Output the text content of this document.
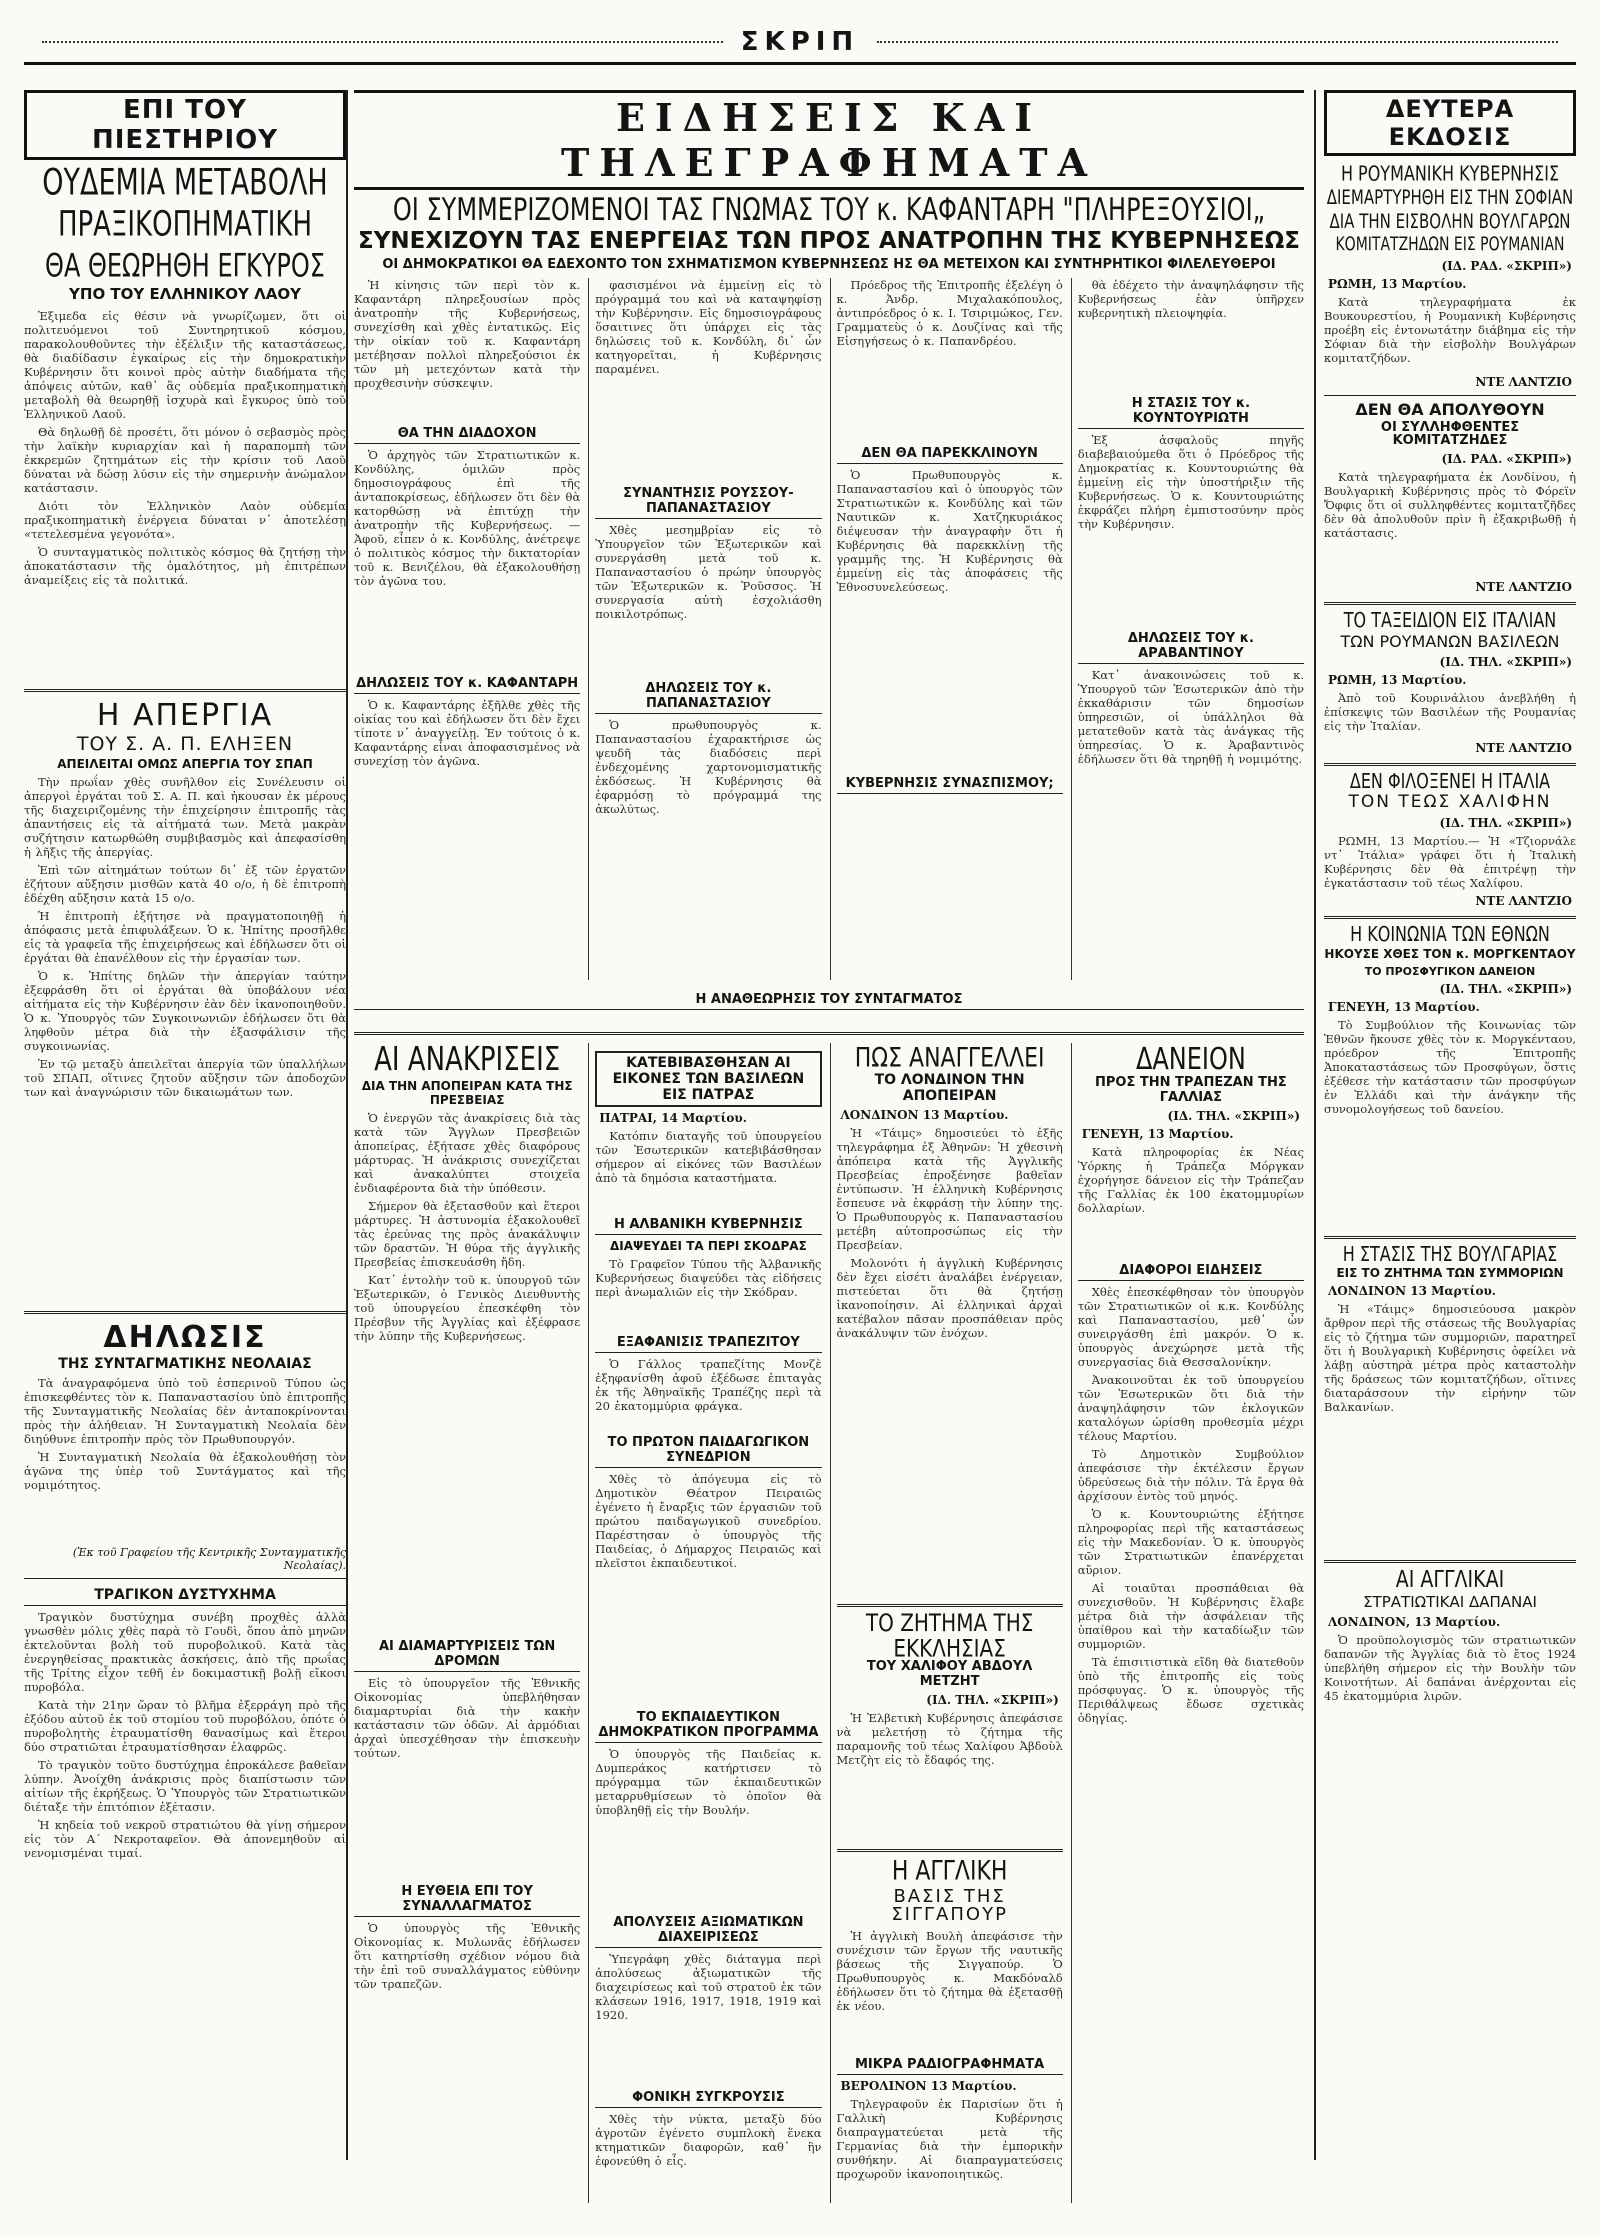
ΣΚΡΙΠ
ΕΠΙ ΤΟΥ ΠΙΕΣΤΗΡΙΟΥ
ΟΥΔΕΜΙΑ ΜΕΤΑΒΟΛΗ
ΠΡΑΞΙΚΟΠΗΜΑΤΙΚΗ
ΘΑ ΘΕΩΡΗΘΗ ΕΓΚΥΡΟΣ
ΥΠΟ ΤΟΥ ΕΛΛΗΝΙΚΟΥ ΛΑΟΥ

Ἐξιμεδα εἰς θέσιν νὰ γνωρίζωμεν, ὅτι οἱ πολιτευόμενοι τοῦ Συντηρητικοῦ κόσμου, παρακολουθοῦντες τὴν ἐξέλιξιν τῆς καταστάσεως, θὰ διαδίδασιν ἐγκαίρως εἰς τὴν δημοκρατικὴν Κυβέρνησιν ὅτι κοινοὶ πρὸς αὐτὴν διαδήματα τῆς ἀπόψεις αὐτῶν, καθ᾽ ἃς οὐδεμία πραξικοπηματικὴ μεταβολὴ θὰ θεωρηθῇ ἰσχυρὰ καὶ ἔγκυρος ὑπὸ τοῦ Ἑλληνικοῦ Λαοῦ.

Θὰ δηλωθῇ δὲ προσέτι, ὅτι μόνον ὁ σεβασμὸς πρὸς τὴν λαϊκὴν κυριαρχίαν καὶ ἡ παραπομπὴ τῶν ἐκκρεμῶν ζητημάτων εἰς τὴν κρίσιν τοῦ Λαοῦ δύναται νὰ δώσῃ λύσιν εἰς τὴν σημερινὴν ἀνώμαλον κατάστασιν.

Διότι τὸν Ἑλληνικὸν Λαὸν οὐδεμία πραξικοπηματικὴ ἐνέργεια δύναται ν᾽ ἀποτελέσῃ «τετελεσμένα γεγονότα».

Ὁ συνταγματικὸς πολιτικὸς κόσμος θὰ ζητήσῃ τὴν ἀποκατάστασιν τῆς ὁμαλότητος, μὴ ἐπιτρέπων ἀναμείξεις εἰς τὰ πολιτικά.

Η ΑΠΕΡΓΙΑ
ΤΟΥ Σ. Α. Π. ΕΛΗΞΕΝ
ΑΠΕΙΛΕΙΤΑΙ ΟΜΩΣ ΑΠΕΡΓΙΑ ΤΟΥ ΣΠΑΠ

Τὴν πρωΐαν χθὲς συνῆλθον εἰς Συνέλευσιν οἱ ἀπεργοὶ ἐργάται τοῦ Σ. Α. Π. καὶ ἠκουσαν ἐκ μέρους τῆς διαχειριζομένης τὴν ἐπιχείρησιν ἐπιτροπῆς τὰς ἀπαντήσεις εἰς τὰ αἰτήματά των. Μετὰ μακρὰν συζήτησιν κατωρθώθη συμβιβασμὸς καὶ ἀπεφασίσθη ἡ λῆξις τῆς ἀπεργίας.

Ἐπὶ τῶν αἰτημάτων τούτων δι᾽ ἐξ τῶν ἐργατῶν ἐζήτουν αὔξησιν μισθῶν κατὰ 40 ο/ο, ἡ δὲ ἐπιτροπὴ ἐδέχθη αὔξησιν κατὰ 15 ο/ο.

Ἡ ἐπιτροπὴ ἐξήτησε νὰ πραγματοποιηθῇ ἡ ἀπόφασις μετὰ ἐπιφυλάξεων. Ὁ κ. Ἠπίτης προσῆλθε εἰς τὰ γραφεῖα τῆς ἐπιχειρήσεως καὶ ἐδήλωσεν ὅτι οἱ ἐργάται θὰ ἐπανέλθουν εἰς τὴν ἐργασίαν των.

Ὁ κ. Ἠπίτης δηλῶν τὴν ἀπεργίαν ταύτην ἐξεφράσθη ὅτι οἱ ἐργάται θὰ ὑποβάλουν νέα αἰτήματα εἰς τὴν Κυβέρνησιν ἐὰν δὲν ἱκανοποιηθοῦν. Ὁ κ. Ὑπουργὸς τῶν Συγκοινωνιῶν ἐδήλωσεν ὅτι θὰ ληφθοῦν μέτρα διὰ τὴν ἐξασφάλισιν τῆς συγκοινωνίας.

Ἐν τῷ μεταξὺ ἀπειλεῖται ἀπεργία τῶν ὑπαλλήλων τοῦ ΣΠΑΠ, οἵτινες ζητοῦν αὔξησιν τῶν ἀποδοχῶν των καὶ ἀναγνώρισιν τῶν δικαιωμάτων των.

ΔΗΛΩΣΙΣ
ΤΗΣ ΣΥΝΤΑΓΜΑΤΙΚΗΣ ΝΕΟΛΑΙΑΣ

Τὰ ἀναγραφόμενα ὑπὸ τοῦ ἐσπερινοῦ Τύπου ὡς ἐπισκεφθέντες τὸν κ. Παπαναστασίου ὑπὸ ἐπιτροπῆς τῆς Συνταγματικῆς Νεολαίας δὲν ἀνταποκρίνονται πρὸς τὴν ἀλήθειαν. Ἡ Συνταγματικὴ Νεολαία δὲν διηύθυνε ἐπιτροπὴν πρὸς τὸν Πρωθυπουργόν.

Ἡ Συνταγματικὴ Νεολαία θὰ ἐξακολουθήσῃ τὸν ἀγῶνα της ὑπὲρ τοῦ Συντάγματος καὶ τῆς νομιμότητος.

(Ἐκ τοῦ Γραφείου τῆς Κεντρικῆς Συνταγματικῆς Νεολαίας).
ΤΡΑΓΙΚΟΝ ΔΥΣΤΥΧΗΜΑ

Τραγικὸν δυστύχημα συνέβη προχθὲς ἀλλὰ γνωσθὲν μόλις χθὲς παρὰ τὸ Γουδὶ, ὅπου ἀπὸ μηνῶν ἐκτελοῦνται βολὴ τοῦ πυροβολικοῦ. Κατὰ τὰς ἐνεργηθείσας πρακτικὰς ἀσκήσεις, ἀπὸ τῆς πρωΐας τῆς Τρίτης εἶχον τεθῆ ἐν δοκιμαστικῇ βολῇ εἴκοσι πυροβόλα.

Κατὰ τὴν 21ην ὥραν τὸ βλῆμα ἐξερράγη πρὸ τῆς ἐξόδου αὐτοῦ ἐκ τοῦ στομίου τοῦ πυροβόλου, ὁπότε ὁ πυροβολητὴς ἐτραυματίσθη θανασίμως καὶ ἕτεροι δύο στρατιῶται ἐτραυματίσθησαν ἐλαφρῶς.

Τὸ τραγικὸν τοῦτο δυστύχημα ἐπροκάλεσε βαθεῖαν λύπην. Ἀνοίχθη ἀνάκρισις πρὸς διαπίστωσιν τῶν αἰτίων τῆς ἐκρήξεως. Ὁ Ὑπουργὸς τῶν Στρατιωτικῶν διέταξε τὴν ἐπιτόπιον ἐξέτασιν.

Ἡ κηδεία τοῦ νεκροῦ στρατιώτου θὰ γίνῃ σήμερον εἰς τὸν Α΄ Νεκροταφεῖον. Θὰ ἀπονεμηθοῦν αἱ νενομισμέναι τιμαί.

ΕΙΔΗΣΕΙΣ ΚΑΙ ΤΗΛΕΓΡΑΦΗΜΑΤΑ
ΟΙ ΣΥΜΜΕΡΙΖΟΜΕΝΟΙ ΤΑΣ ΓΝΩΜΑΣ ΤΟΥ κ. ΚΑΦΑΝΤΑΡΗ "ΠΛΗΡΕΞΟΥΣΙΟΙ„
ΣΥΝΕΧΙΖΟΥΝ ΤΑΣ ΕΝΕΡΓΕΙΑΣ ΤΩΝ ΠΡΟΣ ΑΝΑΤΡΟΠΗΝ ΤΗΣ ΚΥΒΕΡΝΗΣΕΩΣ
ΟΙ ΔΗΜΟΚΡΑΤΙΚΟΙ ΘΑ ΕΔΕΧΟΝΤΟ ΤΟΝ ΣΧΗΜΑΤΙΣΜΟΝ ΚΥΒΕΡΝΗΣΕΩΣ ΗΣ ΘΑ ΜΕΤΕΙΧΟΝ ΚΑΙ ΣΥΝΤΗΡΗΤΙΚΟΙ ΦΙΛΕΛΕΥΘΕΡΟΙ

Ἡ κίνησις τῶν περὶ τὸν κ. Καφαντάρη πληρεξουσίων πρὸς ἀνατροπὴν τῆς Κυβερνήσεως, συνεχίσθη καὶ χθὲς ἐντατικῶς. Εἰς τὴν οἰκίαν τοῦ κ. Καφαντάρη μετέβησαν πολλοὶ πληρεξούσιοι ἐκ τῶν μὴ μετεχόντων κατὰ τὴν προχθεσινὴν σύσκεψιν.

ΘΑ ΤΗΝ ΔΙΑΔΟΧΟΝ

Ὁ ἀρχηγὸς τῶν Στρατιωτικῶν κ. Κονδύλης, ὁμιλῶν πρὸς δημοσιογράφους ἐπὶ τῆς ἀνταποκρίσεως, ἐδήλωσεν ὅτι δὲν θὰ κατορθώσῃ νὰ ἐπιτύχῃ τὴν ἀνατροπὴν τῆς Κυβερνήσεως. — Ἀφοῦ, εἶπεν ὁ κ. Κονδύλης, ἀνέτρεψε ὁ πολιτικὸς κόσμος τὴν δικτατορίαν τοῦ κ. Βενιζέλου, θὰ ἐξακολουθήσῃ τὸν ἀγῶνα του.

ΔΗΛΩΣΕΙΣ ΤΟΥ κ. ΚΑΦΑΝΤΑΡΗ

Ὁ κ. Καφαντάρης ἐξῆλθε χθὲς τῆς οἰκίας του καὶ ἐδήλωσεν ὅτι δὲν ἔχει τίποτε ν᾽ ἀναγγείλῃ. Ἐν τούτοις ὁ κ. Καφαντάρης εἶναι ἀποφασισμένος νὰ συνεχίσῃ τὸν ἀγῶνα.

φασισμένοι νὰ ἐμμείνῃ εἰς τὸ πρόγραμμά του καὶ νὰ καταψηφίσῃ τὴν Κυβέρνησιν. Εἰς δημοσιογράφους ὅσαιτινες ὅτι ὑπάρχει εἰς τὰς δηλώσεις τοῦ κ. Κονδύλη, δι᾽ ὧν κατηγορεῖται, ἡ Κυβέρνησις παραμένει.

ΣΥΝΑΝΤΗΣΙΣ ΡΟΥΣΣΟΥ-ΠΑΠΑΝΑΣΤΑΣΙΟΥ

Χθὲς μεσημβρίαν εἰς τὸ Ὑπουργεῖον τῶν Ἐξωτερικῶν καὶ συνεργάσθη μετὰ τοῦ κ. Παπαναστασίου ὁ πρώην ὑπουργὸς τῶν Ἐξωτερικῶν κ. Ῥοῦσσος. Ἡ συνεργασία αὐτὴ ἐσχολιάσθη ποικιλοτρόπως.

ΔΗΛΩΣΕΙΣ ΤΟΥ κ. ΠΑΠΑΝΑΣΤΑΣΙΟΥ

Ὁ πρωθυπουργὸς κ. Παπαναστασίου ἐχαρακτήρισε ὡς ψευδῆ τὰς διαδόσεις περὶ ἐνδεχομένης χαρτονομισματικῆς ἐκδόσεως. Ἡ Κυβέρνησις θὰ ἐφαρμόσῃ τὸ πρόγραμμά της ἀκωλύτως.

Πρόεδρος τῆς Ἐπιτροπῆς ἐξελέγη ὁ κ. Ἀνδρ. Μιχαλακόπουλος, ἀντιπρόεδρος ὁ κ. Ι. Τσιριμώκος, Γεν. Γραμματεὺς ὁ κ. Δουζίνας καὶ τῆς Εἰσηγήσεως ὁ κ. Παπανδρέου.

ΔΕΝ ΘΑ ΠΑΡΕΚΚΛΙΝΟΥΝ

Ὁ Πρωθυπουργὸς κ. Παπαναστασίου καὶ ὁ ὑπουργὸς τῶν Στρατιωτικῶν κ. Κονδύλης καὶ τῶν Ναυτικῶν κ. Χατζηκυριάκος διέψευσαν τὴν ἀναγραφὴν ὅτι ἡ Κυβέρνησις θὰ παρεκκλίνῃ τῆς γραμμῆς της. Ἡ Κυβέρνησις θὰ ἐμμείνῃ εἰς τὰς ἀποφάσεις τῆς Ἐθνοσυνελεύσεως.

ΚΥΒΕΡΝΗΣΙΣ ΣΥΝΑΣΠΙΣΜΟΥ;

θὰ ἐδέχετο τὴν ἀναψηλάφησιν τῆς Κυβερνήσεως ἐὰν ὑπῆρχεν κυβερνητικὴ πλειοψηφία.

Η ΣΤΑΣΙΣ ΤΟΥ κ. ΚΟΥΝΤΟΥΡΙΩΤΗ

Ἐξ ἀσφαλοῦς πηγῆς διαβεβαιούμεθα ὅτι ὁ Πρόεδρος τῆς Δημοκρατίας κ. Κουντουριώτης θὰ ἐμμείνῃ εἰς τὴν ὑποστήριξιν τῆς Κυβερνήσεως. Ὁ κ. Κουντουριώτης ἐκφράζει πλήρη ἐμπιστοσύνην πρὸς τὴν Κυβέρνησιν.

ΔΗΛΩΣΕΙΣ ΤΟΥ κ. ΑΡΑΒΑΝΤΙΝΟΥ

Κατ᾽ ἀνακοινώσεις τοῦ κ. Ὑπουργοῦ τῶν Ἐσωτερικῶν ἀπὸ τὴν ἐκκαθάρισιν τῶν δημοσίων ὑπηρεσιῶν, οἱ ὑπάλληλοι θὰ μετατεθοῦν κατὰ τὰς ἀνάγκας τῆς ὑπηρεσίας. Ὁ κ. Ἀραβαντινὸς ἐδήλωσεν ὅτι θὰ τηρηθῇ ἡ νομιμότης.

Η ΑΝΑΘΕΩΡΗΣΙΣ ΤΟΥ ΣΥΝΤΑΓΜΑΤΟΣ
ΑΙ ΑΝΑΚΡΙΣΕΙΣ
ΔΙΑ ΤΗΝ ΑΠΟΠΕΙΡΑΝ ΚΑΤΑ ΤΗΣ ΠΡΕΣΒΕΙΑΣ

Ὁ ἐνεργῶν τὰς ἀνακρίσεις διὰ τὰς κατὰ τῶν Ἄγγλων Πρεσβειῶν ἀποπείρας, ἐξήτασε χθὲς διαφόρους μάρτυρας. Ἡ ἀνάκρισις συνεχίζεται καὶ ἀνακαλύπτει στοιχεῖα ἐνδιαφέροντα διὰ τὴν ὑπόθεσιν.

Σήμερον θὰ ἐξετασθοῦν καὶ ἕτεροι μάρτυρες. Ἡ ἀστυνομία ἐξακολουθεῖ τὰς ἐρεύνας της πρὸς ἀνακάλυψιν τῶν δραστῶν. Ἡ θύρα τῆς ἀγγλικῆς Πρεσβείας ἐπισκευάσθη ἤδη.

Κατ᾽ ἐντολὴν τοῦ κ. ὑπουργοῦ τῶν Ἐξωτερικῶν, ὁ Γενικὸς Διευθυντὴς τοῦ ὑπουργείου ἐπεσκέφθη τὸν Πρέσβυν τῆς Ἀγγλίας καὶ ἐξέφρασε τὴν λύπην τῆς Κυβερνήσεως.

ΑΙ ΔΙΑΜΑΡΤΥΡΙΣΕΙΣ ΤΩΝ ΔΡΟΜΩΝ

Εἰς τὸ ὑπουργεῖον τῆς Ἐθνικῆς Οἰκονομίας ὑπεβλήθησαν διαμαρτυρίαι διὰ τὴν κακὴν κατάστασιν τῶν ὁδῶν. Αἱ ἀρμόδιαι ἀρχαὶ ὑπεσχέθησαν τὴν ἐπισκευὴν τούτων.

Η ΕΥΘΕΙΑ ΕΠΙ ΤΟΥ ΣΥΝΑΛΛΑΓΜΑΤΟΣ

Ὁ ὑπουργὸς τῆς Ἐθνικῆς Οἰκονομίας κ. Μυλωνᾶς ἐδήλωσεν ὅτι κατηρτίσθη σχέδιον νόμου διὰ τὴν ἐπὶ τοῦ συναλλάγματος εὐθύνην τῶν τραπεζῶν.

ΚΑΤΕΒΙΒΑΣΘΗΣΑΝ ΑΙ ΕΙΚΟΝΕΣ ΤΩΝ ΒΑΣΙΛΕΩΝ ΕΙΣ ΠΑΤΡΑΣ
ΠΑΤΡΑΙ, 14 Μαρτίου.

Κατόπιν διαταγῆς τοῦ ὑπουργείου τῶν Ἐσωτερικῶν κατεβιβάσθησαν σήμερον αἱ εἰκόνες τῶν Βασιλέων ἀπὸ τὰ δημόσια καταστήματα.

Η ΑΛΒΑΝΙΚΗ ΚΥΒΕΡΝΗΣΙΣ
ΔΙΑΨΕΥΔΕΙ ΤΑ ΠΕΡΙ ΣΚΟΔΡΑΣ

Τὸ Γραφεῖον Τύπου τῆς Ἀλβανικῆς Κυβερνήσεως διαψεύδει τὰς εἰδήσεις περὶ ἀνωμαλιῶν εἰς τὴν Σκόδραν.

ΕΞΑΦΑΝΙΣΙΣ ΤΡΑΠΕΖΙΤΟΥ

Ὁ Γάλλος τραπεζίτης Μονζὲ ἐξηφανίσθη ἀφοῦ ἐξέδωσε ἐπιταγὰς ἐκ τῆς Ἀθηναϊκῆς Τραπέζης περὶ τὰ 20 ἑκατομμύρια φράγκα.

ΤΟ ΠΡΩΤΟΝ ΠΑΙΔΑΓΩΓΙΚΟΝ ΣΥΝΕΔΡΙΟΝ

Χθὲς τὸ ἀπόγευμα εἰς τὸ Δημοτικὸν Θέατρον Πειραιῶς ἐγένετο ἡ ἔναρξις τῶν ἐργασιῶν τοῦ πρώτου παιδαγωγικοῦ συνεδρίου. Παρέστησαν ὁ ὑπουργὸς τῆς Παιδείας, ὁ Δήμαρχος Πειραιῶς καὶ πλεῖστοι ἐκπαιδευτικοί.

ΤΟ ΕΚΠΑΙΔΕΥΤΙΚΟΝ ΔΗΜΟΚΡΑΤΙΚΟΝ ΠΡΟΓΡΑΜΜΑ

Ὁ ὑπουργὸς τῆς Παιδείας κ. Δυμπεράκος κατήρτισεν τὸ πρόγραμμα τῶν ἐκπαιδευτικῶν μεταρρυθμίσεων τὸ ὁποῖον θὰ ὑποβληθῇ εἰς τὴν Βουλήν.

ΑΠΟΛΥΣΕΙΣ ΑΞΙΩΜΑΤΙΚΩΝ ΔΙΑΧΕΙΡΙΣΕΩΣ

Ὑπεγράφη χθὲς διάταγμα περὶ ἀπολύσεως ἀξιωματικῶν τῆς διαχειρίσεως καὶ τοῦ στρατοῦ ἐκ τῶν κλάσεων 1916, 1917, 1918, 1919 καὶ 1920.

ΦΟΝΙΚΗ ΣΥΓΚΡΟΥΣΙΣ

Χθὲς τὴν νύκτα, μεταξὺ δύο ἀγροτῶν ἐγένετο συμπλοκὴ ἕνεκα κτηματικῶν διαφορῶν, καθ᾽ ἣν ἐφονεύθη ὁ εἷς.

ΠΩΣ ΑΝΑΓΓΕΛΛΕΙ
ΤΟ ΛΟΝΔΙΝΟΝ ΤΗΝ ΑΠΟΠΕΙΡΑΝ
ΛΟΝΔΙΝΟΝ 13 Μαρτίου.

Ἡ «Τάιμς» δημοσιεύει τὸ ἑξῆς τηλεγράφημα ἐξ Ἀθηνῶν: Ἡ χθεσινὴ ἀπόπειρα κατὰ τῆς Ἀγγλικῆς Πρεσβείας ἐπροξένησε βαθεῖαν ἐντύπωσιν. Ἡ ἑλληνικὴ Κυβέρνησις ἔσπευσε νὰ ἐκφράσῃ τὴν λύπην της. Ὁ Πρωθυπουργὸς κ. Παπαναστασίου μετέβη αὐτοπροσώπως εἰς τὴν Πρεσβείαν.

Μολονότι ἡ ἀγγλικὴ Κυβέρνησις δὲν ἔχει εἰσέτι ἀναλάβει ἐνέργειαν, πιστεύεται ὅτι θὰ ζητήσῃ ἱκανοποίησιν. Αἱ ἑλληνικαὶ ἀρχαὶ κατέβαλον πᾶσαν προσπάθειαν πρὸς ἀνακάλυψιν τῶν ἐνόχων.

ΤΟ ΖΗΤΗΜΑ ΤΗΣ ΕΚΚΛΗΣΙΑΣ
ΤΟΥ ΧΑΛΙΦΟΥ ΑΒΔΟΥΛ ΜΕΤΖΗΤ
(ΙΔ. ΤΗΛ. «ΣΚΡΙΠ»)

Ἡ Ἐλβετικὴ Κυβέρνησις ἀπεφάσισε νὰ μελετήσῃ τὸ ζήτημα τῆς παραμονῆς τοῦ τέως Χαλίφου Ἀβδοὺλ Μετζὴτ εἰς τὸ ἔδαφός της.

Η ΑΓΓΛΙΚΗ
ΒΑΣΙΣ ΤΗΣ ΣΙΓΓΑΠΟΥΡ

Ἡ ἀγγλικὴ Βουλὴ ἀπεφάσισε τὴν συνέχισιν τῶν ἔργων τῆς ναυτικῆς βάσεως τῆς Σιγγαπούρ. Ὁ Πρωθυπουργὸς κ. Μακδόναλδ ἐδήλωσεν ὅτι τὸ ζήτημα θὰ ἐξετασθῇ ἐκ νέου.

ΜΙΚΡΑ ΡΑΔΙΟΓΡΑΦΗΜΑΤΑ
ΒΕΡΟΛΙΝΟΝ 13 Μαρτίου.

Τηλεγραφοῦν ἐκ Παρισίων ὅτι ἡ Γαλλικὴ Κυβέρνησις διαπραγματεύεται μετὰ τῆς Γερμανίας διὰ τὴν ἐμπορικὴν συνθήκην. Αἱ διαπραγματεύσεις προχωροῦν ἱκανοποιητικῶς.

ΔΑΝΕΙΟΝ
ΠΡΟΣ ΤΗΝ ΤΡΑΠΕΖΑΝ ΤΗΣ ΓΑΛΛΙΑΣ
(ΙΔ. ΤΗΛ. «ΣΚΡΙΠ»)
ΓΕΝΕΥΗ, 13 Μαρτίου.

Κατὰ πληροφορίας ἐκ Νέας Ὑόρκης ἡ Τράπεζα Μόργκαν ἐχορήγησε δάνειον εἰς τὴν Τράπεζαν τῆς Γαλλίας ἐκ 100 ἑκατομμυρίων δολλαρίων.

ΔΙΑΦΟΡΟΙ ΕΙΔΗΣΕΙΣ

Χθὲς ἐπεσκέφθησαν τὸν ὑπουργὸν τῶν Στρατιωτικῶν οἱ κ.κ. Κονδύλης καὶ Παπαναστασίου, μεθ᾽ ὧν συνειργάσθη ἐπὶ μακρόν. Ὁ κ. ὑπουργὸς ἀνεχώρησε μετὰ τῆς συνεργασίας διὰ Θεσσαλονίκην.

Ἀνακοινοῦται ἐκ τοῦ ὑπουργείου τῶν Ἐσωτερικῶν ὅτι διὰ τὴν ἀναψηλάφησιν τῶν ἐκλογικῶν καταλόγων ὡρίσθη προθεσμία μέχρι τέλους Μαρτίου.

Τὸ Δημοτικὸν Συμβούλιον ἀπεφάσισε τὴν ἐκτέλεσιν ἔργων ὑδρεύσεως διὰ τὴν πόλιν. Τὰ ἔργα θὰ ἀρχίσουν ἐντὸς τοῦ μηνός.

Ὁ κ. Κουντουριώτης ἐξήτησε πληροφορίας περὶ τῆς καταστάσεως εἰς τὴν Μακεδονίαν. Ὁ κ. ὑπουργὸς τῶν Στρατιωτικῶν ἐπανέρχεται αὔριον.

Αἱ τοιαῦται προσπάθειαι θὰ συνεχισθοῦν. Ἡ Κυβέρνησις ἔλαβε μέτρα διὰ τὴν ἀσφάλειαν τῆς ὑπαίθρου καὶ τὴν καταδίωξιν τῶν συμμοριῶν.

Τὰ ἐπισιτιστικὰ εἴδη θὰ διατεθοῦν ὑπὸ τῆς ἐπιτροπῆς εἰς τοὺς πρόσφυγας. Ὁ κ. ὑπουργὸς τῆς Περιθάλψεως ἔδωσε σχετικὰς ὁδηγίας.

ΔΕΥΤΕΡΑ ΕΚΔΟΣΙΣ
Η ΡΟΥΜΑΝΙΚΗ ΚΥΒΕΡΝΗΣΙΣ
ΔΙΕΜΑΡΤΥΡΗΘΗ ΕΙΣ ΤΗΝ ΣΟΦΙΑΝ
ΔΙΑ ΤΗΝ ΕΙΣΒΟΛΗΝ ΒΟΥΛΓΑΡΩΝ
ΚΟΜΙΤΑΤΖΗΔΩΝ ΕΙΣ ΡΟΥΜΑΝΙΑΝ
(ΙΔ. ΡΑΔ. «ΣΚΡΙΠ»)
ΡΩΜΗ, 13 Μαρτίου.

Κατὰ τηλεγραφήματα ἐκ Βουκουρεστίου, ἡ Ρουμανικὴ Κυβέρνησις προέβη εἰς ἐντονωτάτην διάβημα εἰς τὴν Σόφιαν διὰ τὴν εἰσβολὴν Βουλγάρων κομιτατζήδων.

ΝΤΕ ΛΑΝΤΖΙΟ
ΔΕΝ ΘΑ ΑΠΟΛΥΘΟΥΝ
ΟΙ ΣΥΛΛΗΦΘΕΝΤΕΣ ΚΟΜΙΤΑΤΖΗΔΕΣ
(ΙΔ. ΡΑΔ. «ΣΚΡΙΠ»)

Κατὰ τηλεγραφήματα ἐκ Λονδίνου, ἡ Βουλγαρικὴ Κυβέρνησις πρὸς τὸ Φόρεϊν Ὄφφις ὅτι οἱ συλληφθέντες κομιτατζῆδες δὲν θὰ ἀπολυθοῦν πρὶν ἢ ἐξακριβωθῇ ἡ κατάστασις.

ΝΤΕ ΛΑΝΤΖΙΟ
ΤΟ ΤΑΞΕΙΔΙΟΝ ΕΙΣ ΙΤΑΛΙΑΝ
ΤΩΝ ΡΟΥΜΑΝΩΝ ΒΑΣΙΛΕΩΝ
(ΙΔ. ΤΗΛ. «ΣΚΡΙΠ»)
ΡΩΜΗ, 13 Μαρτίου.

Ἀπὸ τοῦ Κουρινάλιου ἀνεβλήθη ἡ ἐπίσκεψις τῶν Βασιλέων τῆς Ρουμανίας εἰς τὴν Ἰταλίαν.

ΝΤΕ ΛΑΝΤΖΙΟ
ΔΕΝ ΦΙΛΟΞΕΝΕΙ Η ΙΤΑΛΙΑ
ΤΟΝ ΤΕΩΣ ΧΑΛΙΦΗΝ
(ΙΔ. ΤΗΛ. «ΣΚΡΙΠ»)

ΡΩΜΗ, 13 Μαρτίου.— Ἡ «Τζιορνάλε ντ᾽ Ἰτάλια» γράφει ὅτι ἡ Ἰταλικὴ Κυβέρνησις δὲν θὰ ἐπιτρέψῃ τὴν ἐγκατάστασιν τοῦ τέως Χαλίφου.

ΝΤΕ ΛΑΝΤΖΙΟ
Η ΚΟΙΝΩΝΙΑ ΤΩΝ ΕΘΝΩΝ
ΗΚΟΥΣΕ ΧΘΕΣ ΤΟΝ κ. ΜΟΡΓΚΕΝΤΑΟΥ
ΤΟ ΠΡΟΣΦΥΓΙΚΟΝ ΔΑΝΕΙΟΝ
(ΙΔ. ΤΗΛ. «ΣΚΡΙΠ»)
ΓΕΝΕΥΗ, 13 Μαρτίου.

Τὸ Συμβούλιον τῆς Κοινωνίας τῶν Ἐθνῶν ἤκουσε χθὲς τὸν κ. Μοργκένταου, πρόεδρον τῆς Ἐπιτροπῆς Ἀποκαταστάσεως τῶν Προσφύγων, ὅστις ἐξέθεσε τὴν κατάστασιν τῶν προσφύγων ἐν Ἑλλάδι καὶ τὴν ἀνάγκην τῆς συνομολογήσεως τοῦ δανείου.

Η ΣΤΑΣΙΣ ΤΗΣ ΒΟΥΛΓΑΡΙΑΣ
ΕΙΣ ΤΟ ΖΗΤΗΜΑ ΤΩΝ ΣΥΜΜΟΡΙΩΝ
ΛΟΝΔΙΝΟΝ 13 Μαρτίου.

Ἡ «Τάιμς» δημοσιεύουσα μακρὸν ἄρθρον περὶ τῆς στάσεως τῆς Βουλγαρίας εἰς τὸ ζήτημα τῶν συμμοριῶν, παρατηρεῖ ὅτι ἡ Βουλγαρικὴ Κυβέρνησις ὀφείλει νὰ λάβῃ αὐστηρὰ μέτρα πρὸς καταστολὴν τῆς δράσεως τῶν κομιτατζήδων, οἵτινες διαταράσσουν τὴν εἰρήνην τῶν Βαλκανίων.

ΑΙ ΑΓΓΛΙΚΑΙ
ΣΤΡΑΤΙΩΤΙΚΑΙ ΔΑΠΑΝΑΙ
ΛΟΝΔΙΝΟΝ, 13 Μαρτίου.

Ὁ προϋπολογισμὸς τῶν στρατιωτικῶν δαπανῶν τῆς Ἀγγλίας διὰ τὸ ἔτος 1924 ὑπεβλήθη σήμερον εἰς τὴν Βουλὴν τῶν Κοινοτήτων. Αἱ δαπάναι ἀνέρχονται εἰς 45 ἑκατομμύρια λιρῶν.
